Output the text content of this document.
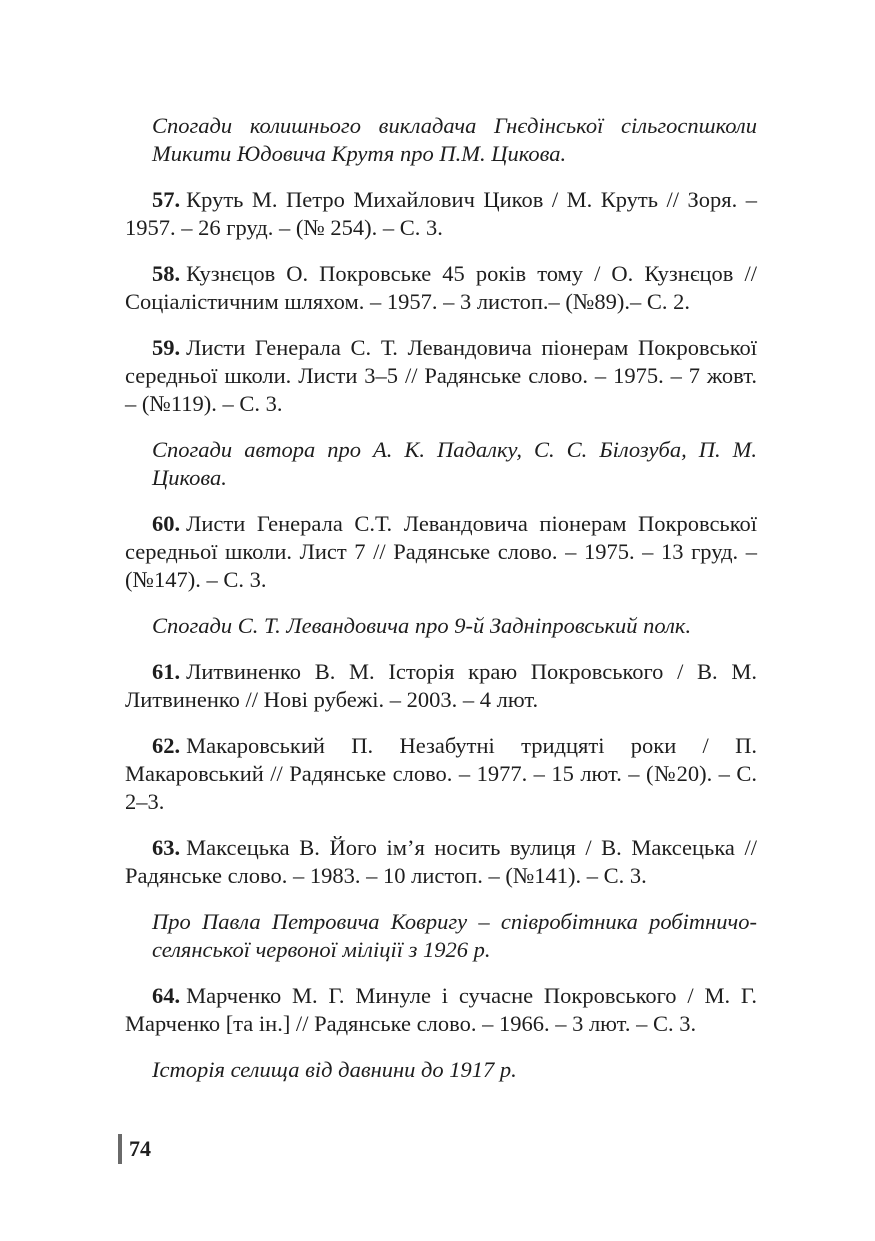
Спогади колишнього викладача Гнєдінської сільгоспшколи Микити Юдовича Крутя про П.М. Цикова.

57. Круть М. Петро Михайлович Циков / М. Круть // Зоря. – 1957. – 26 груд. – (№ 254). – С. 3.

58. Кузнєцов О. Покровське 45 років тому / О. Кузнєцов // Соціалістичним шляхом. – 1957. – 3 листоп.– (№89).– С. 2.

59. Листи Генерала С. Т. Левандовича піонерам Покровської середньої школи. Листи 3–5 // Радянське слово. – 1975. – 7 жовт. – (№119). – С. 3.

Спогади автора про А. К. Падалку, С. С. Білозуба, П. М. Цикова.

60. Листи Генерала С.Т. Левандовича піонерам Покровської середньої школи. Лист 7 // Радянське слово. – 1975. – 13 груд. – (№147). – С. 3.

Спогади С. Т. Левандовича про 9-й Задніпровський полк.

61. Литвиненко В. М. Історія краю Покровського / В. М. Литвиненко // Нові рубежі. – 2003. – 4 лют.

62. Макаровський П. Незабутні тридцяті роки / П. Макаровський // Радянське слово. – 1977. – 15 лют. – (№20). – С. 2–3.

63. Максецька В. Його ім’я носить вулиця / В. Максецька // Радянське слово. – 1983. – 10 листоп. – (№141). – С. 3.

Про Павла Петровича Ковригу – співробітника робітничо-селянської червоної міліції з 1926 р.

64. Марченко М. Г. Минуле і сучасне Покровського / М. Г. Марченко [та ін.] // Радянське слово. – 1966. – 3 лют. – С. 3.

Історія селища від давнини до 1917 р.

74
